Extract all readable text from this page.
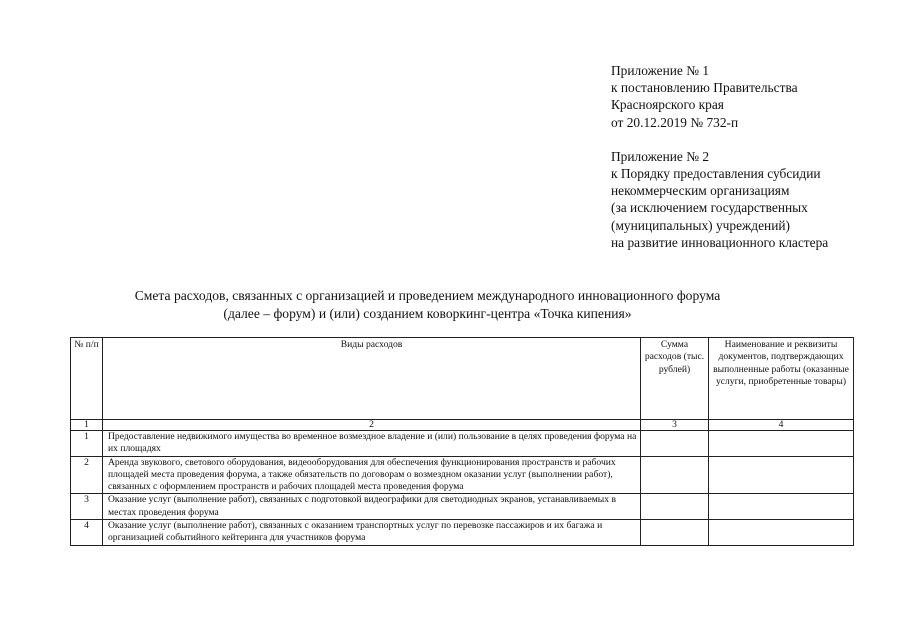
Приложение № 1
к постановлению Правительства
Красноярского края
от 20.12.2019 № 732-п
Приложение № 2
к Порядку предоставления субсидии
некоммерческим организациям
(за исключением государственных
(муниципальных) учреждений)
на развитие инновационного кластера
Смета расходов, связанных с организацией и проведением международного инновационного форума
(далее – форум) и (или) созданием коворкинг-центра «Точка кипения»
№ п/п	Виды расходов	Сумма расходов (тыс. рублей)	Наименование и реквизиты документов, подтверждающих выполненные работы (оказанные услуги, приобретенные товары)
1	2	3	4
1	Предоставление недвижимого имущества во временное возмездное владение и (или) пользование в целях проведения форума на их площадях		
2	Аренда звукового, светового оборудования, видеооборудования для обеспечения функционирования пространств и рабочих площадей места проведения форума, а также обязательств по договорам о возмездном оказании услуг (выполнении работ), связанных с оформлением пространств и рабочих площадей места проведения форума		
3	Оказание услуг (выполнение работ), связанных с подготовкой видеографики для светодиодных экранов, устанавливаемых в местах проведения форума		
4	Оказание услуг (выполнение работ), связанных с оказанием транспортных услуг по перевозке пассажиров и их багажа и организацией событийного кейтеринга для участников форума		
